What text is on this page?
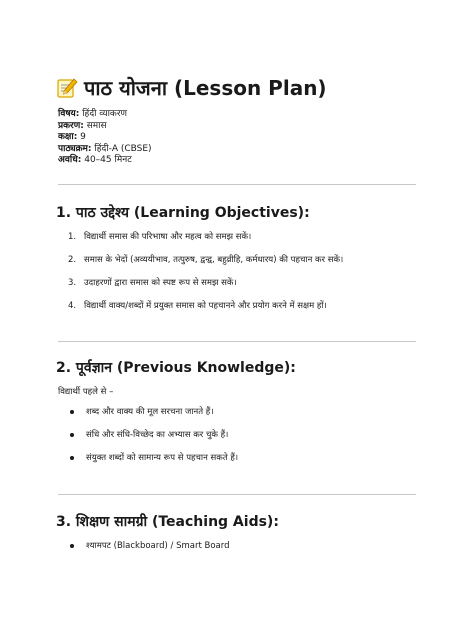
पाठ योजना (Lesson Plan)
विषय: हिंदी व्याकरण
प्रकरण: समास
कक्षा: 9
पाठ्यक्रम: हिंदी-A (CBSE)
अवधि: 40–45 मिनट
1. पाठ उद्देश्य (Learning Objectives):
1. विद्यार्थी समास की परिभाषा और महत्व को समझ सकें।
2. समास के भेदों (अव्ययीभाव, तत्पुरुष, द्वन्द्व, बहुव्रीहि, कर्मधारय) की पहचान कर सकें।
3. उदाहरणों द्वारा समास को स्पष्ट रूप से समझ सकें।
4. विद्यार्थी वाक्य/शब्दों में प्रयुक्त समास को पहचानने और प्रयोग करने में सक्षम हों।
2. पूर्वज्ञान (Previous Knowledge):
विद्यार्थी पहले से –
शब्द और वाक्य की मूल सरचना जानते हैं।
संधि और संधि-विच्छेद का अभ्यास कर चुके हैं।
संयुक्त शब्दों को सामान्य रूप से पहचान सकते हैं।
3. शिक्षण सामग्री (Teaching Aids):
श्यामपट (Blackboard) / Smart Board
